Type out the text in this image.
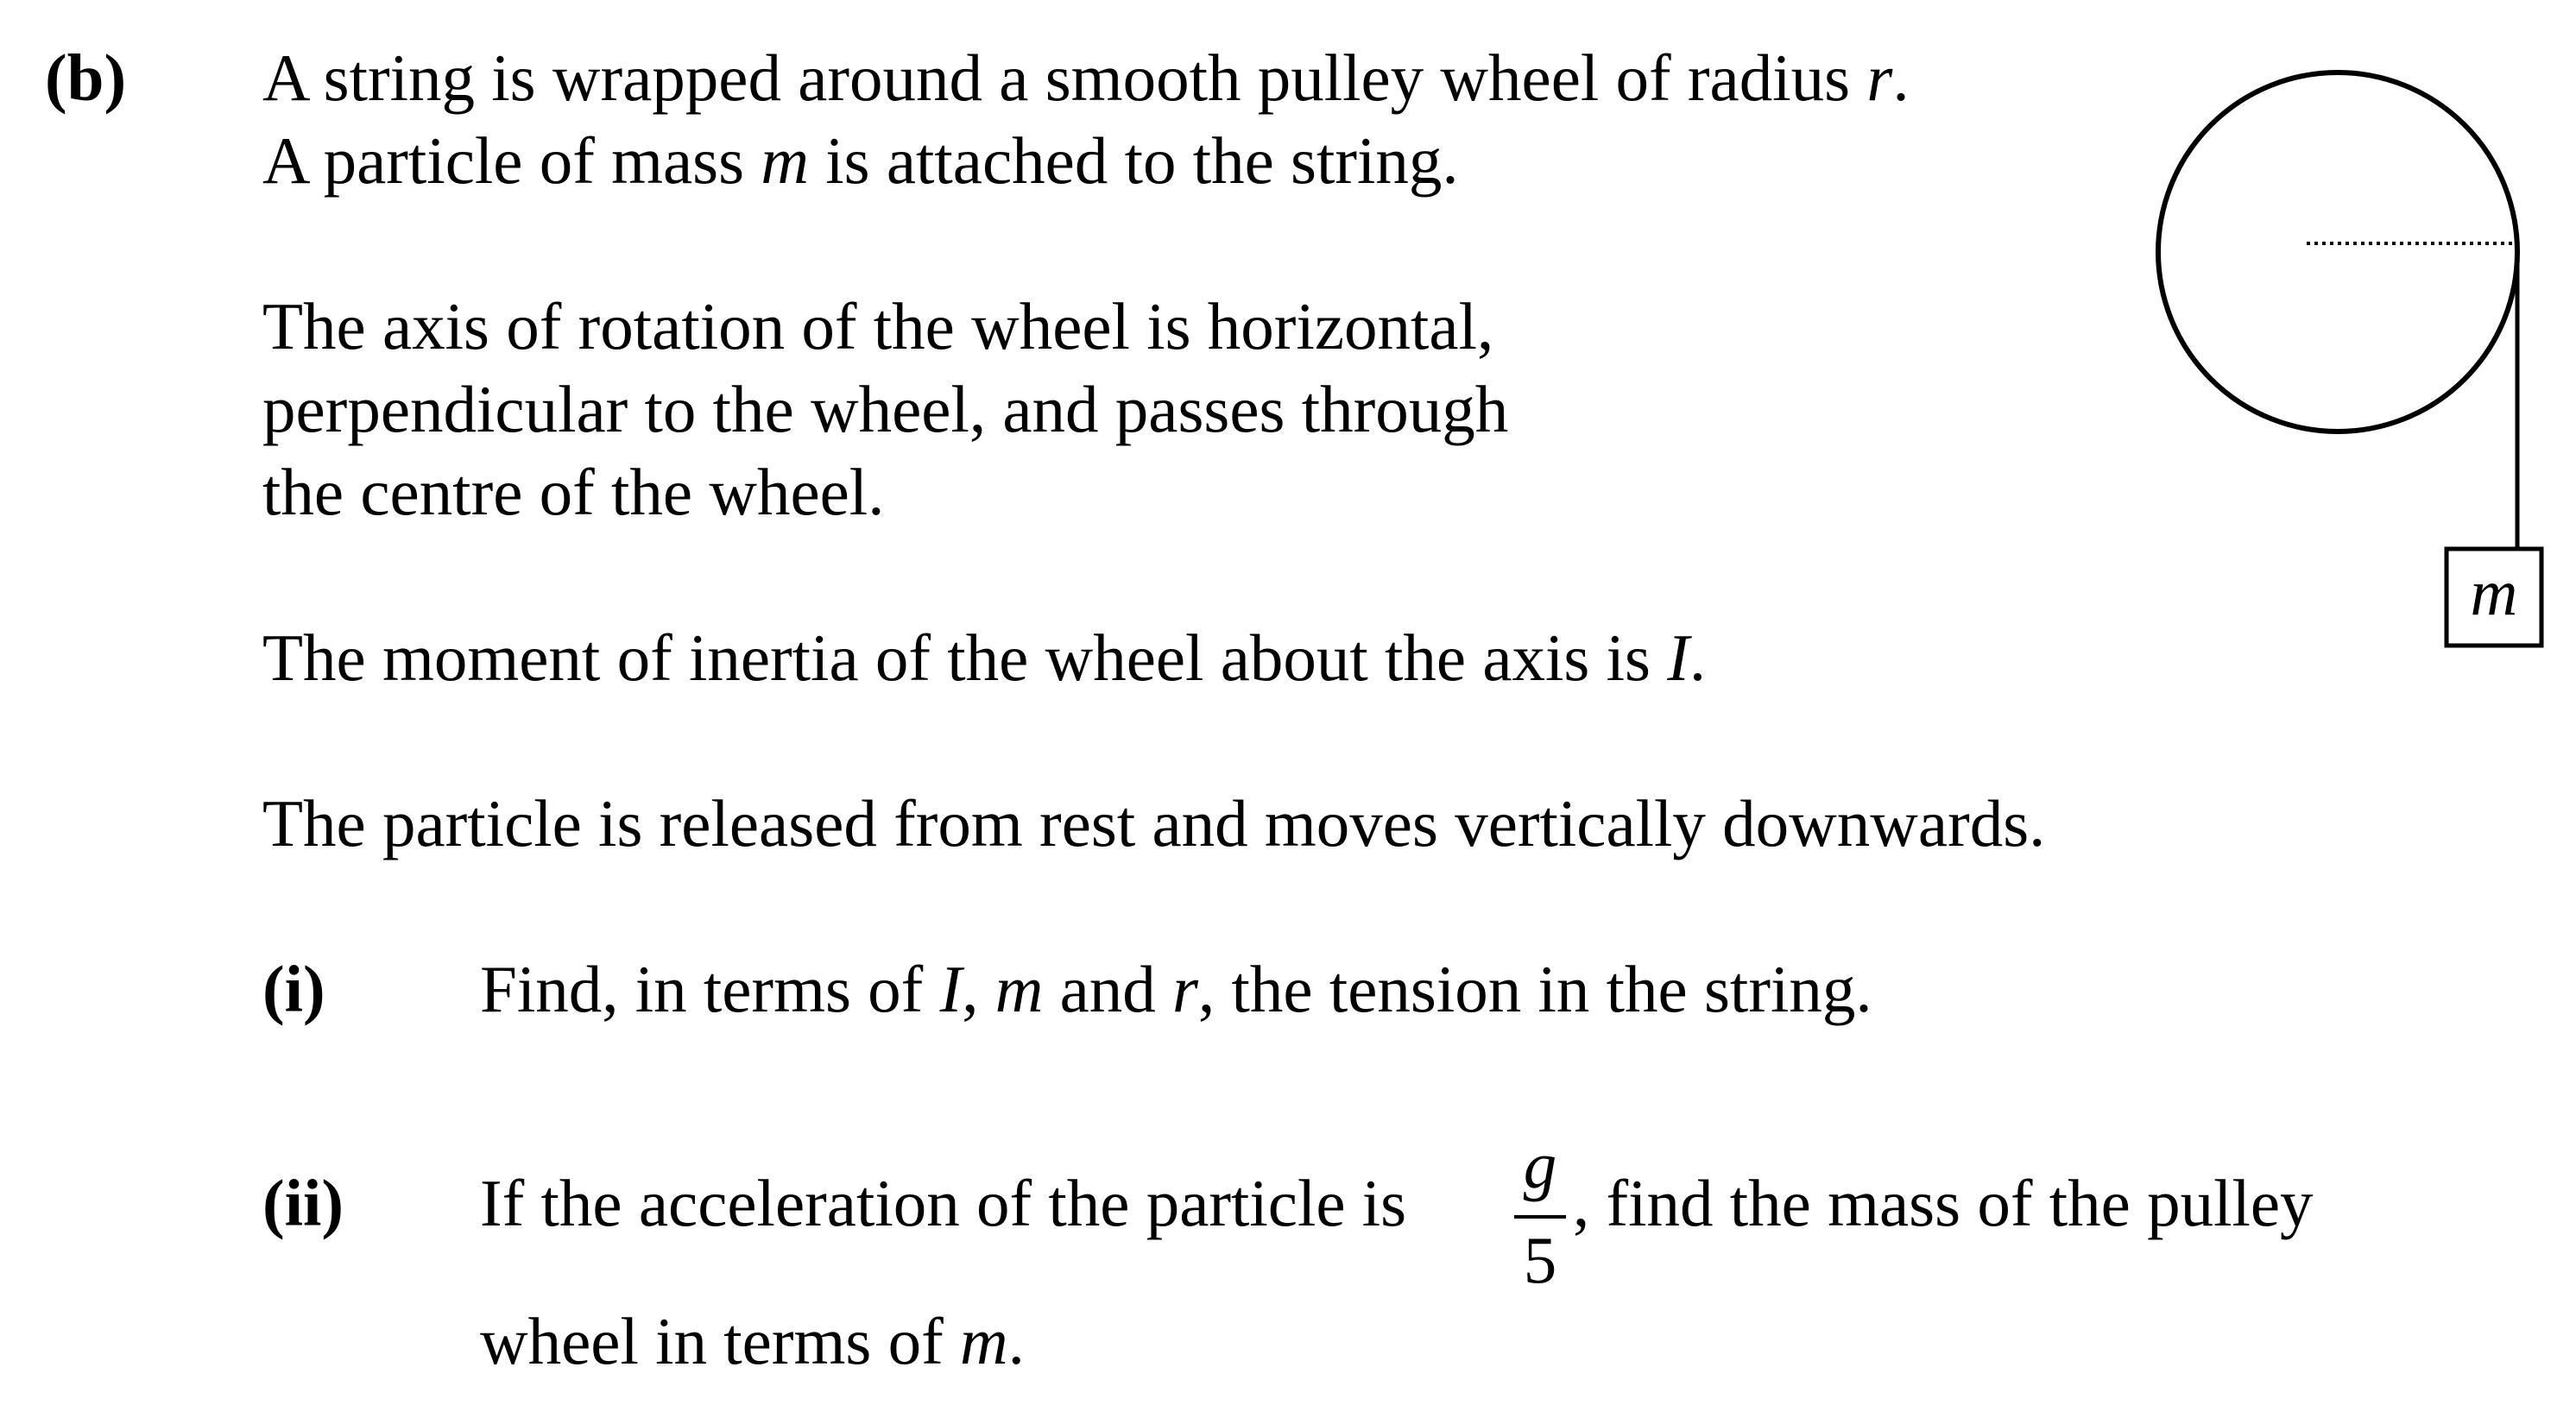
(b) A string is wrapped around a smooth pulley wheel of radius r.
A particle of mass m is attached to the string.
The axis of rotation of the wheel is horizontal,
perpendicular to the wheel, and passes through
the centre of the wheel.
The moment of inertia of the wheel about the axis is I.
The particle is released from rest and moves vertically downwards.
(i) Find, in terms of I, m and r, the tension in the string.
(ii) If the acceleration of the particle is
g
5
, find the mass of the pulley
wheel in terms of m.
m
